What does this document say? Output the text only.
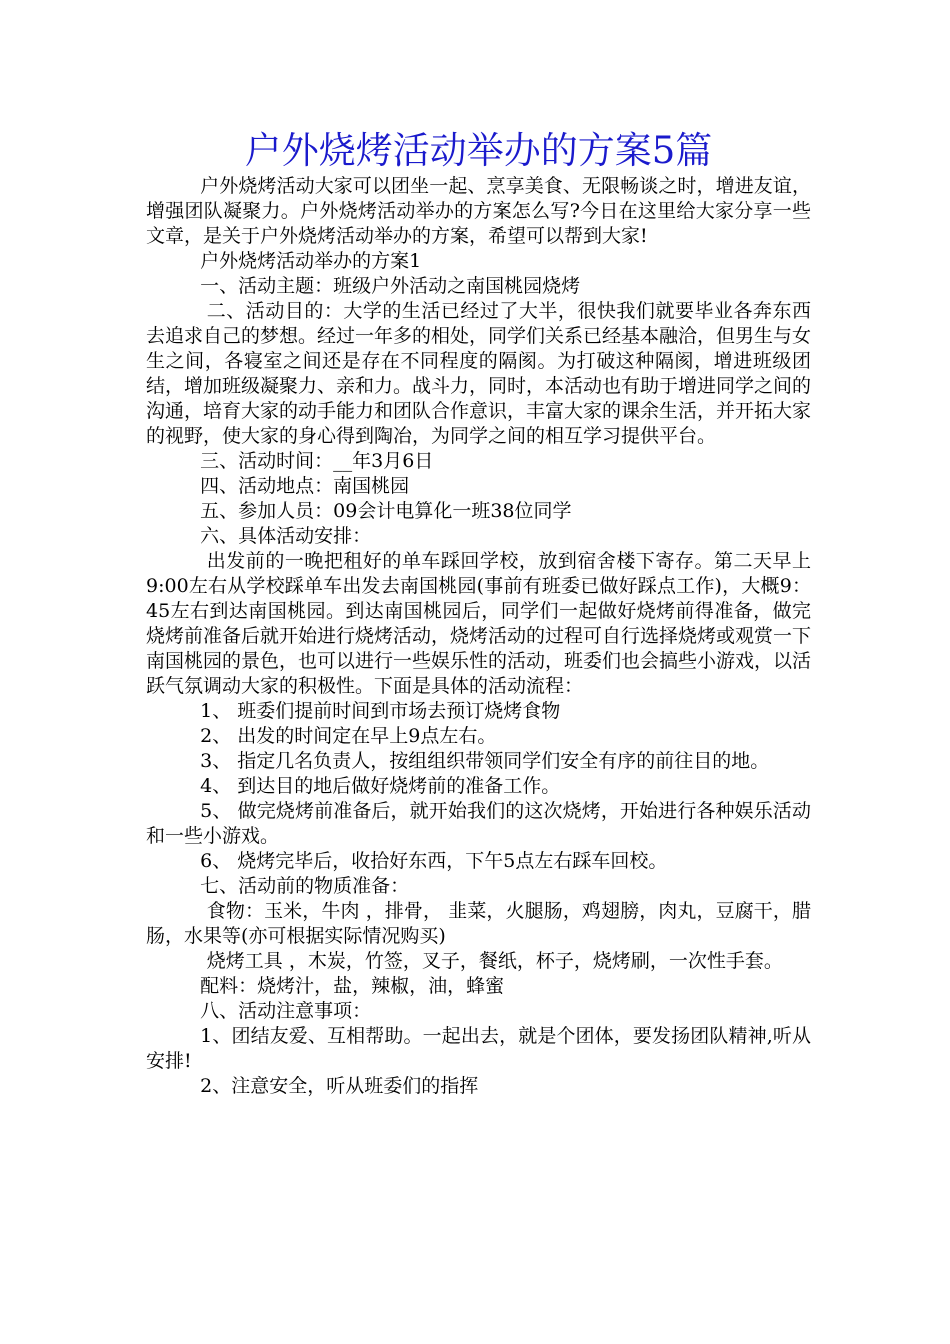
户外烧烤活动举办的方案5篇

户外烧烤活动大家可以团坐一起、烹享美食、无限畅谈之时，增进友谊，增强团队凝聚力。户外烧烤活动举办的方案怎么写?今日在这里给大家分享一些文章，是关于户外烧烤活动举办的方案，希望可以帮到大家!

户外烧烤活动举办的方案1

一、活动主题：班级户外活动之南国桃园烧烤

二、活动目的：大学的生活已经过了大半，很快我们就要毕业各奔东西去追求自己的梦想。经过一年多的相处，同学们关系已经基本融洽，但男生与女生之间，各寝室之间还是存在不同程度的隔阂。为打破这种隔阂，增进班级团结，增加班级凝聚力、亲和力。战斗力，同时，本活动也有助于增进同学之间的沟通，培育大家的动手能力和团队合作意识，丰富大家的课余生活，并开拓大家的视野，使大家的身心得到陶冶，为同学之间的相互学习提供平台。

三、活动时间：__年3月6日

四、活动地点：南国桃园

五、参加人员：09会计电算化一班38位同学

六、具体活动安排：

出发前的一晚把租好的单车踩回学校，放到宿舍楼下寄存。第二天早上9:00左右从学校踩单车出发去南国桃园(事前有班委已做好踩点工作)，大概9：45左右到达南国桃园。到达南国桃园后，同学们一起做好烧烤前得准备，做完烧烤前准备后就开始进行烧烤活动，烧烤活动的过程可自行选择烧烤或观赏一下南国桃园的景色，也可以进行一些娱乐性的活动，班委们也会搞些小游戏，以活跃气氛调动大家的积极性。下面是具体的活动流程：

1、 班委们提前时间到市场去预订烧烤食物

2、 出发的时间定在早上9点左右。

3、 指定几名负责人，按组组织带领同学们安全有序的前往目的地。

4、 到达目的地后做好烧烤前的准备工作。

5、 做完烧烤前准备后，就开始我们的这次烧烤，开始进行各种娱乐活动和一些小游戏。

6、 烧烤完毕后，收拾好东西，下午5点左右踩车回校。

七、活动前的物质准备：

食物：玉米，牛肉 ，排骨， 韭菜，火腿肠，鸡翅膀，肉丸，豆腐干，腊肠，水果等(亦可根据实际情况购买)

烧烤工具 ，木炭，竹签，叉子，餐纸，杯子，烧烤刷，一次性手套。

配料：烧烤汁，盐，辣椒，油，蜂蜜

八、活动注意事项：

1、团结友爱、互相帮助。一起出去，就是个团体，要发扬团队精神,听从安排!

2、注意安全，听从班委们的指挥
